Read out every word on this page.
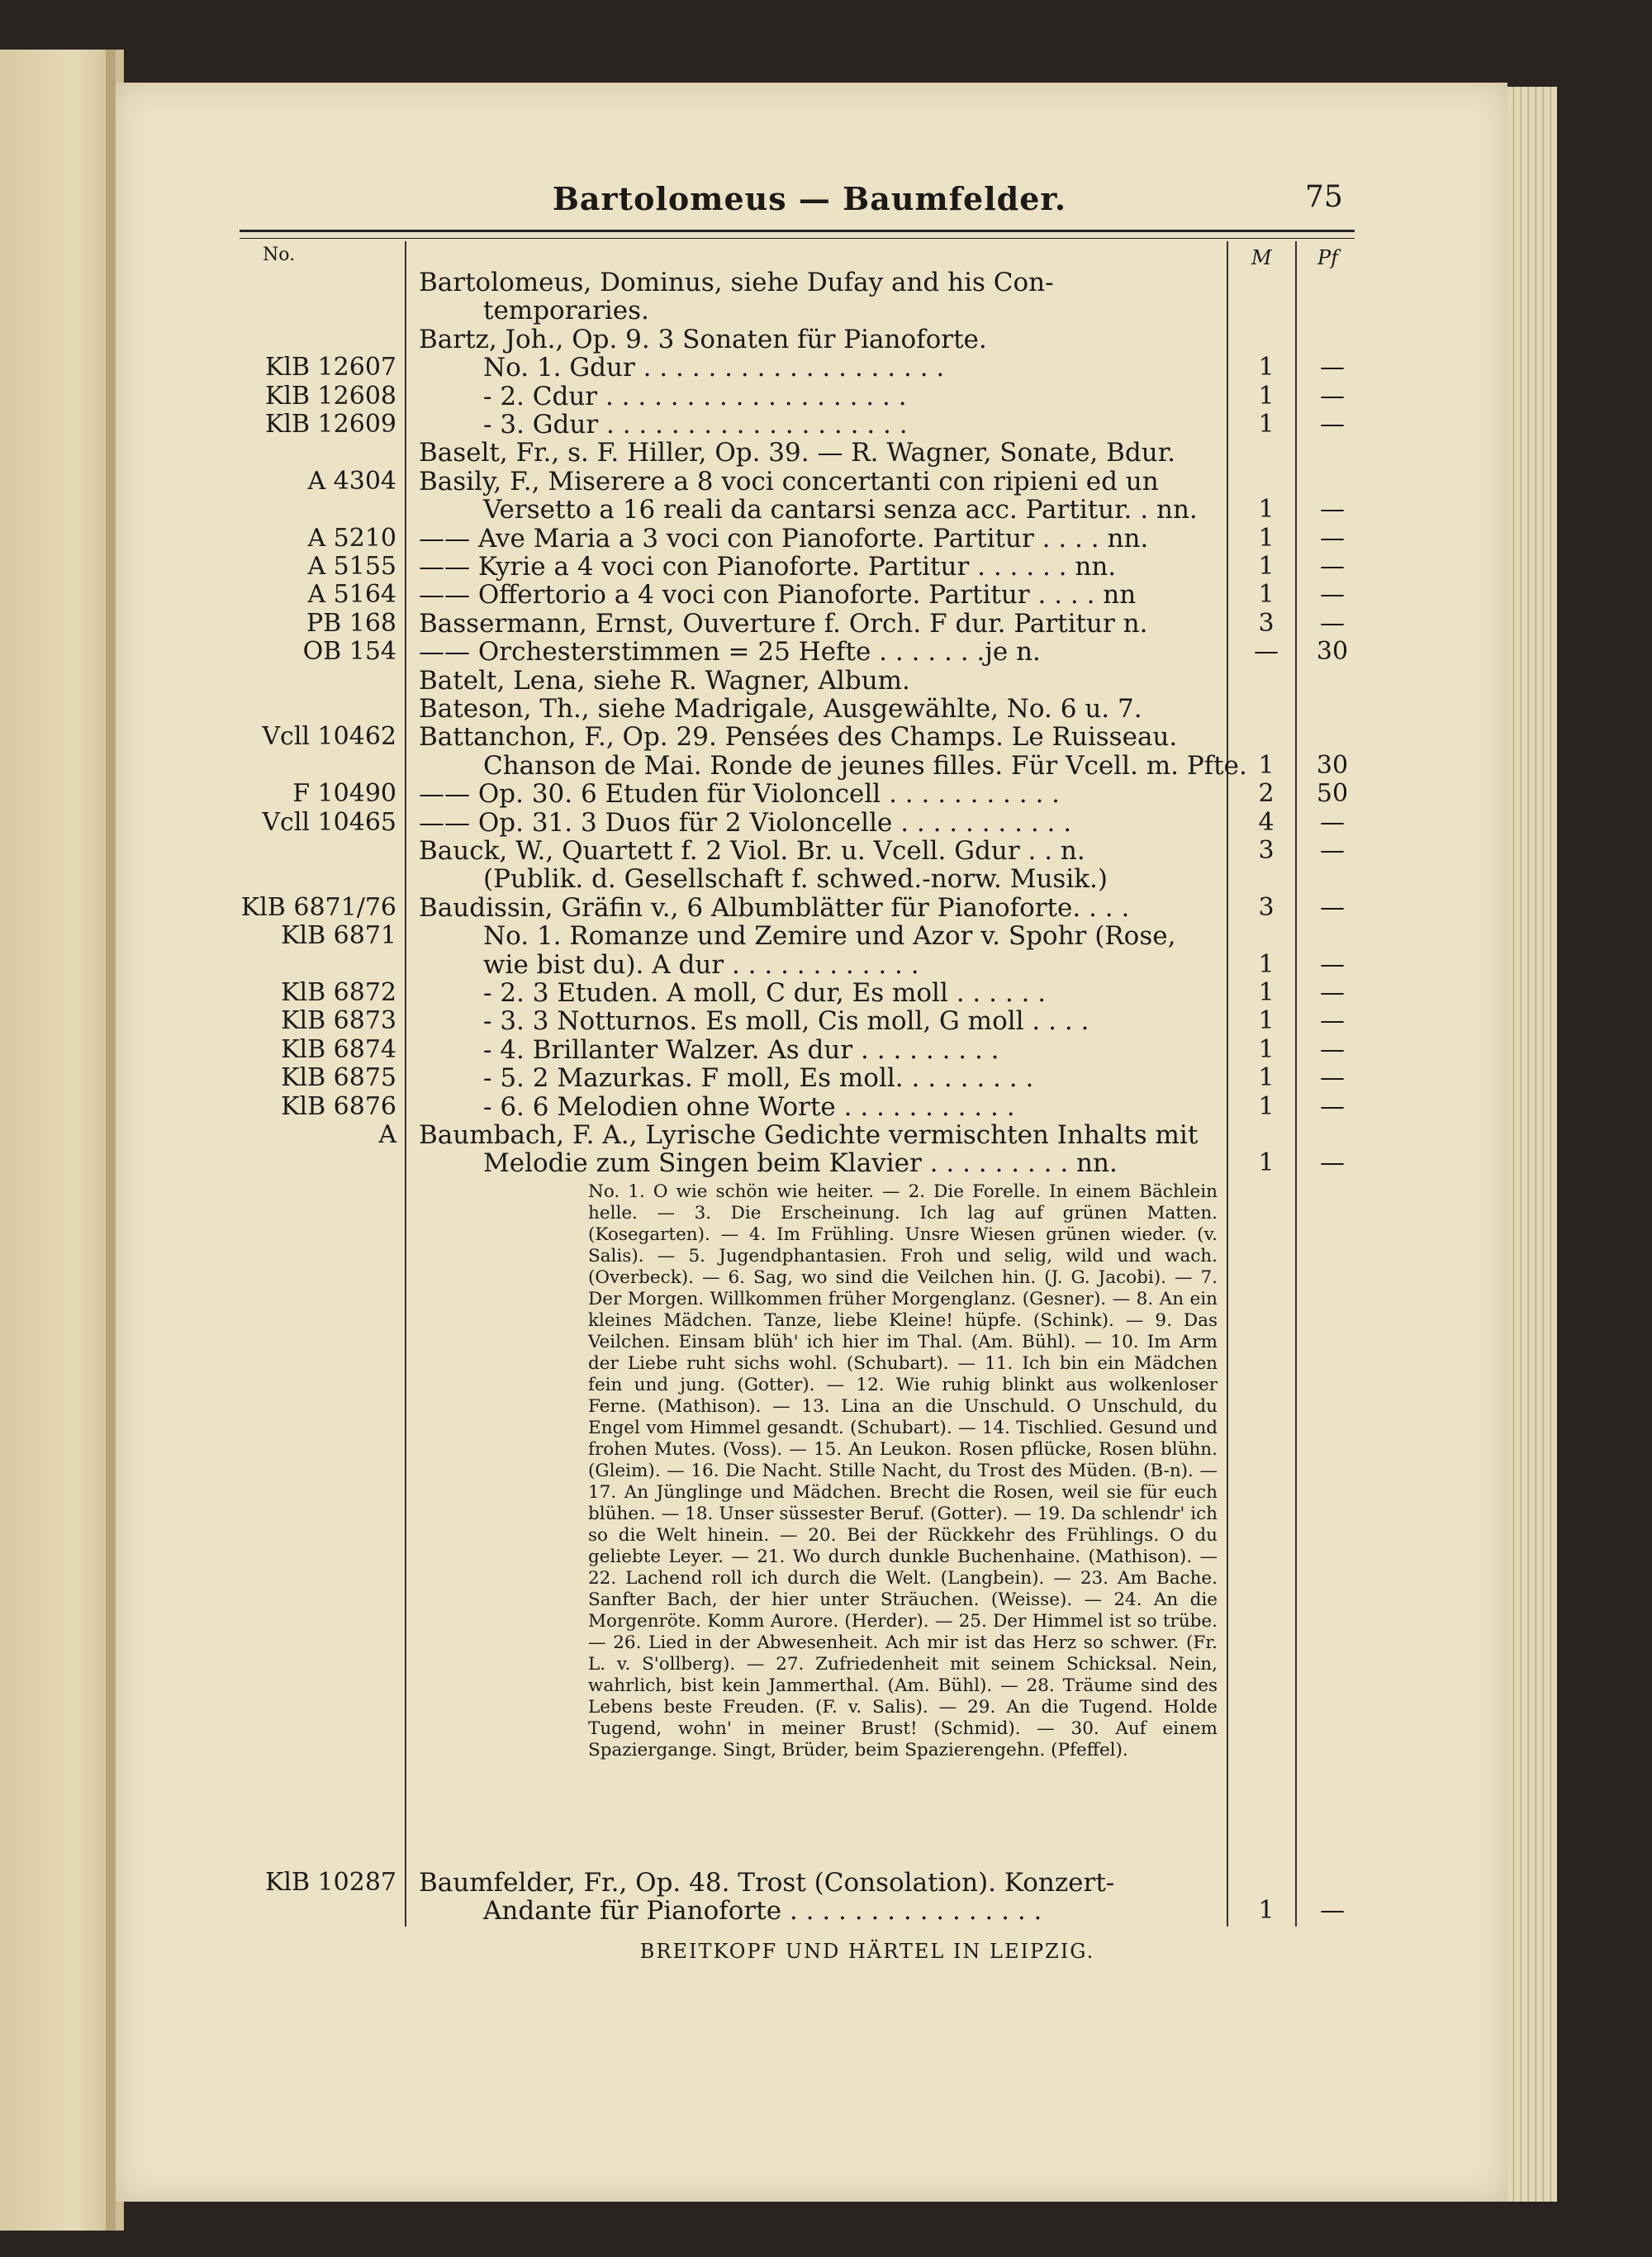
Bartolomeus — Baumfelder.	75
No.	M Pf
Bartolomeus, Dominus, siehe Dufay and his Con-
temporaries.
Bartz, Joh., Op. 9. 3 Sonaten für Pianoforte.
KlB 12607	No. 1. Gdur . . . . . . . . . . . . . . . . . . .	1	—
KlB 12608	- 2. Cdur . . . . . . . . . . . . . . . . . . .	1	—
KlB 12609	- 3. Gdur . . . . . . . . . . . . . . . . . . .	1	—
Baselt, Fr., s. F. Hiller, Op. 39. — R. Wagner, Sonate, Bdur.
A 4304 Basily, F., Miserere a 8 voci concertanti con ripieni ed un
Versetto a 16 reali da cantarsi senza acc. Partitur. . nn.	1	—
A 5210 —— Ave Maria a 3 voci con Pianoforte. Partitur . . . . nn.	1	—
A 5155 —— Kyrie a 4 voci con Pianoforte. Partitur . . . . . . nn.	1	—
A 5164 —— Offertorio a 4 voci con Pianoforte. Partitur . . . . nn	1	—
PB 168 Bassermann, Ernst, Ouverture f. Orch. F dur. Partitur n.	3	—
OB 154 —— Orchesterstimmen = 25 Hefte . . . . . . .je n.	—	30
Batelt, Lena, siehe R. Wagner, Album.
Bateson, Th., siehe Madrigale, Ausgewählte, No. 6 u. 7.
Vcll 10462 Battanchon, F., Op. 29. Pensées des Champs. Le Ruisseau.
Chanson de Mai. Ronde de jeunes filles. Für Vcell. m. Pfte. 1	30
F 10490 —— Op. 30. 6 Etuden für Violoncell . . . . . . . . . . .	2	50
Vcll 10465 —— Op. 31. 3 Duos für 2 Violoncelle . . . . . . . . . . .	4	—
Bauck, W., Quartett f. 2 Viol. Br. u. Vcell. Gdur . . n.	3	—
(Publik. d. Gesellschaft f. schwed.-norw. Musik.)
KlB 6871/76 Baudissin, Gräfin v., 6 Albumblätter für Pianoforte. . . .	3	—
KlB 6871	No. 1. Romanze und Zemire und Azor v. Spohr (Rose,
wie bist du). A dur . . . . . . . . . . . .	1	—
KlB 6872	- 2. 3 Etuden. A moll, C dur, Es moll . . . . . .	1	—
KlB 6873	- 3. 3 Notturnos. Es moll, Cis moll, G moll . . . .	1	—
KlB 6874	- 4. Brillanter Walzer. As dur . . . . . . . . .	1	—
KlB 6875	- 5. 2 Mazurkas. F moll, Es moll. . . . . . . . .	1	—
KlB 6876	- 6. 6 Melodien ohne Worte . . . . . . . . . . .	1	—
A Baumbach, F. A., Lyrische Gedichte vermischten Inhalts mit
Melodie zum Singen beim Klavier . . . . . . . . . nn.	1	—

No. 1. O wie schön wie heiter. — 2. Die Forelle. In einem Bächlein helle. — 3. Die Erscheinung. Ich lag auf grünen Matten. (Kosegarten). — 4. Im Frühling. Unsre Wiesen grünen wieder. (v. Salis). — 5. Jugendphantasien. Froh und selig, wild und wach. (Overbeck). — 6. Sag, wo sind die Veilchen hin. (J. G. Jacobi). — 7. Der Morgen. Willkommen früher Morgenglanz. (Gesner). — 8. An ein kleines Mädchen. Tanze, liebe Kleine! hüpfe. (Schink). — 9. Das Veilchen. Einsam blüh' ich hier im Thal. (Am. Bühl). — 10. Im Arm der Liebe ruht sichs wohl. (Schubart). — 11. Ich bin ein Mädchen fein und jung. (Gotter). — 12. Wie ruhig blinkt aus wolkenloser Ferne. (Mathison). — 13. Lina an die Unschuld. O Unschuld, du Engel vom Himmel gesandt. (Schubart). — 14. Tischlied. Gesund und frohen Mutes. (Voss). — 15. An Leukon. Rosen pflücke, Rosen blühn. (Gleim). — 16. Die Nacht. Stille Nacht, du Trost des Müden. (B-n). — 17. An Jünglinge und Mädchen. Brecht die Rosen, weil sie für euch blühen. — 18. Unser süssester Beruf. (Gotter). — 19. Da schlendr' ich so die Welt hinein. — 20. Bei der Rückkehr des Frühlings. O du geliebte Leyer. — 21. Wo durch dunkle Buchenhaine. (Mathison). — 22. Lachend roll ich durch die Welt. (Langbein). — 23. Am Bache. Sanfter Bach, der hier unter Sträuchen. (Weisse). — 24. An die Morgenröte. Komm Aurore. (Herder). — 25. Der Himmel ist so trübe. — 26. Lied in der Abwesenheit. Ach mir ist das Herz so schwer. (Fr. L. v. S'ollberg). — 27. Zufriedenheit mit seinem Schicksal. Nein, wahrlich, bist kein Jammerthal. (Am. Bühl). — 28. Träume sind des Lebens beste Freuden. (F. v. Salis). — 29. An die Tugend. Holde Tugend, wohn' in meiner Brust! (Schmid). — 30. Auf einem Spaziergange. Singt, Brüder, beim Spazierengehn. (Pfeffel).

KlB 10287 Baumfelder, Fr., Op. 48. Trost (Consolation). Konzert-
Andante für Pianoforte . . . . . . . . . . . . . . . .	1	—
BREITKOPF UND HÄRTEL IN LEIPZIG.
